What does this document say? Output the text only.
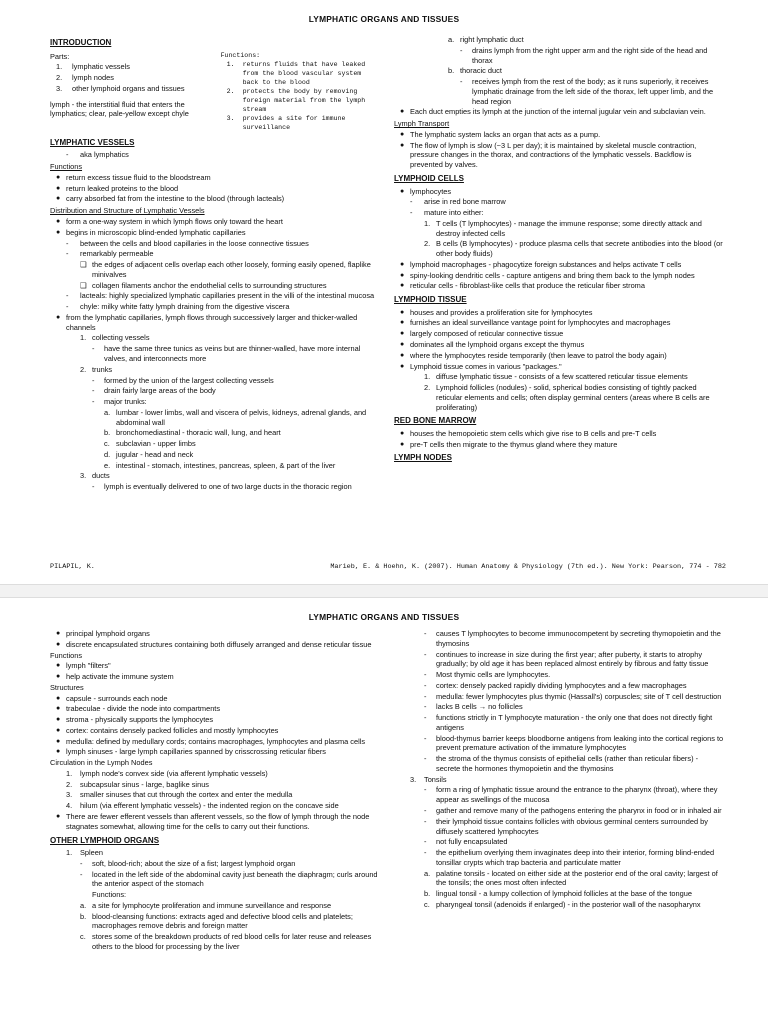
LYMPHATIC ORGANS AND TISSUES
INTRODUCTION
Parts:
1.	lymphatic vessels
2.	lymph nodes
3.	other lymphoid organs and tissues
lymph - the interstitial fluid that enters the lymphatics; clear, pale-yellow except chyle
Functions:
1.	returns fluids that have leaked from the blood vascular system back to the blood
2.	protects the body by removing foreign material from the lymph stream
3.	provides a site for immune surveillance
LYMPHATIC VESSELS
-	aka lymphatics
Functions
● return excess tissue fluid to the bloodstream
● return leaked proteins to the blood
● carry absorbed fat from the intestine to the blood (through lacteals)
Distribution and Structure of Lymphatic Vessels
● form a one-way system in which lymph flows only toward the heart
● begins in microscopic blind-ended lymphatic capillaries
-	between the cells and blood capillaries in the loose connective tissues
-	remarkably permeable
❑ the edges of adjacent cells overlap each other loosely, forming easily opened, flaplike minivalves
❑ collagen filaments anchor the endothelial cells to surrounding structures
-	lacteals: highly specialized lymphatic capillaries present in the villi of the intestinal mucosa
-	chyle: milky white fatty lymph draining from the digestive viscera
● from the lymphatic capillaries, lymph flows through successively larger and thicker-walled channels
1. collecting vessels
-	have the same three tunics as veins but are thinner-walled, have more internal valves, and interconnects more
2. trunks
-	formed by the union of the largest collecting vessels
-	drain fairly large areas of the body
-	major trunks:
a. lumbar - lower limbs, wall and viscera of pelvis, kidneys, adrenal glands, and abdominal wall
b. bronchomediastinal - thoracic wall, lung, and heart
c. subclavian - upper limbs
d. jugular - head and neck
e. intestinal - stomach, intestines, pancreas, spleen, & part of the liver
3. ducts
-	lymph is eventually delivered to one of two large ducts in the thoracic region
a. right lymphatic duct
-	drains lymph from the right upper arm and the right side of the head and thorax
b. thoracic duct
-	receives lymph from the rest of the body; as it runs superiorly, it receives lymphatic drainage from the left side of the thorax, left upper limb, and the head region
● Each duct empties its lymph at the junction of the internal jugular vein and subclavian vein.
Lymph Transport
● The lymphatic system lacks an organ that acts as a pump.
● The flow of lymph is slow (~3 L per day); it is maintained by skeletal muscle contraction, pressure changes in the thorax, and contractions of the lymphatic vessels. Backflow is prevented by valves.
LYMPHOID CELLS
● lymphocytes
-	arise in red bone marrow
-	mature into either:
1. T cells (T lymphocytes) - manage the immune response; some directly attack and destroy infected cells
2. B cells (B lymphocytes) - produce plasma cells that secrete antibodies into the blood (or other body fluids)
● lymphoid macrophages - phagocytize foreign substances and helps activate T cells
● spiny-looking dendritic cells - capture antigens and bring them back to the lymph nodes
● reticular cells - fibroblast-like cells that produce the reticular fiber stroma
LYMPHOID TISSUE
● houses and provides a proliferation site for lymphocytes
● furnishes an ideal surveillance vantage point for lymphocytes and macrophages
● largely composed of reticular connective tissue
● dominates all the lymphoid organs except the thymus
● where the lymphocytes reside temporarily (then leave to patrol the body again)
● Lymphoid tissue comes in various "packages."
1. diffuse lymphatic tissue - consists of a few scattered reticular tissue elements
2. Lymphoid follicles (nodules) - solid, spherical bodies consisting of tightly packed reticular elements and cells; often display germinal centers (areas where B cells are proliferating)
RED BONE MARROW
● houses the hemopoietic stem cells which give rise to B cells and pre-T cells
● pre-T cells then migrate to the thymus gland where they mature
LYMPH NODES
PILAPIL, K.	Marieb, E. & Hoehn, K. (2007). Human Anatomy & Physiology (7th ed.). New York: Pearson, 774 - 782
LYMPHATIC ORGANS AND TISSUES
● principal lymphoid organs
● discrete encapsulated structures containing both diffusely arranged and dense reticular tissue
Functions
● lymph "filters"
● help activate the immune system
Structures
● capsule - surrounds each node
● trabeculae - divide the node into compartments
● stroma - physically supports the lymphocytes
● cortex: contains densely packed follicles and mostly lymphocytes
● medulla: defined by medullary cords; contains macrophages, lymphocytes and plasma cells
● lymph sinuses - large lymph capillaries spanned by crisscrossing reticular fibers
Circulation in the Lymph Nodes
1.	lymph node's convex side (via afferent lymphatic vessels)
2.	subcapsular sinus - large, baglike sinus
3.	smaller sinuses that cut through the cortex and enter the medulla
4.	hilum (via efferent lymphatic vessels) - the indented region on the concave side
● There are fewer efferent vessels than afferent vessels, so the flow of lymph through the node stagnates somewhat, allowing time for the cells to carry out their functions.
OTHER LYMPHOID ORGANS
1.	Spleen
-	soft, blood-rich; about the size of a fist; largest lymphoid organ
-	located in the left side of the abdominal cavity just beneath the diaphragm; curls around the anterior aspect of the stomach
Functions:
a. a site for lymphocyte proliferation and immune surveillance and response
b. blood-cleansing functions: extracts aged and defective blood cells and platelets; macrophages remove debris and foreign matter
c. stores some of the breakdown products of red blood cells for later reuse and releases others to the blood for processing by the liver
-	causes T lymphocytes to become immunocompetent by secreting thymopoietin and the thymosins
-	continues to increase in size during the first year; after puberty, it starts to atrophy gradually; by old age it has been replaced almost entirely by fibrous and fatty tissue
-	Most thymic cells are lymphocytes.
-	cortex: densely packed rapidly dividing lymphocytes and a few macrophages
-	medulla: fewer lymphocytes plus thymic (Hassall's) corpuscles; site of T cell destruction
-	lacks B cells → no follicles
-	functions strictly in T lymphocyte maturation - the only one that does not directly fight antigens
-	blood-thymus barrier keeps bloodborne antigens from leaking into the cortical regions to prevent premature activation of the immature lymphocytes
-	the stroma of the thymus consists of epithelial cells (rather than reticular fibers) - secrete the hormones thymopoietin and the thymosins
3.	Tonsils
-	form a ring of lymphatic tissue around the entrance to the pharynx (throat), where they appear as swellings of the mucosa
-	gather and remove many of the pathogens entering the pharynx in food or in inhaled air
-	their lymphoid tissue contains follicles with obvious germinal centers surrounded by diffusely scattered lymphocytes
-	not fully encapsulated
-	the epithelium overlying them invaginates deep into their interior, forming blind-ended tonsillar crypts which trap bacteria and particulate matter
a. palatine tonsils - located on either side at the posterior end of the oral cavity; largest of the tonsils; the ones most often infected
b. lingual tonsil - a lumpy collection of lymphoid follicles at the base of the tongue
c. pharyngeal tonsil (adenoids if enlarged) - in the posterior wall of the nasopharynx
